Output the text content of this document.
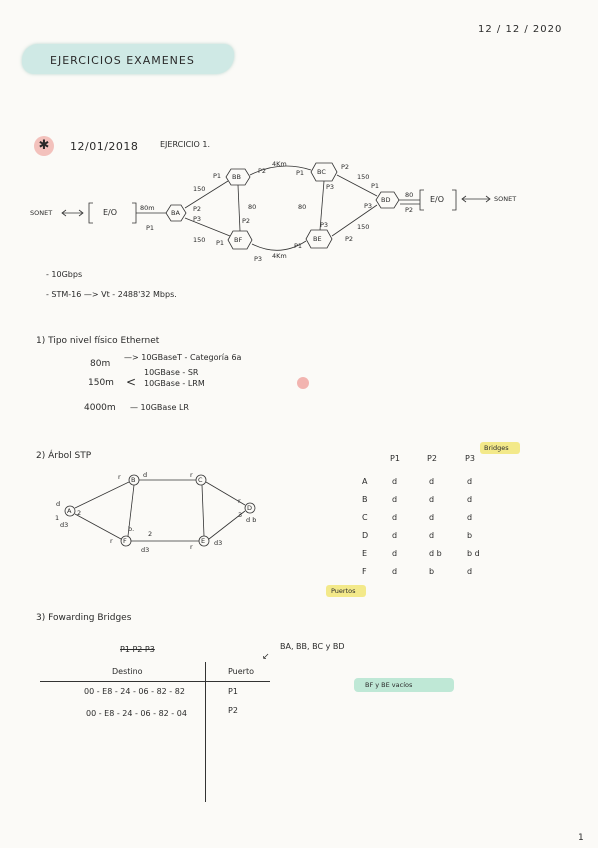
12 / 12 / 2020
EJERCICIOS EXAMENES
✱	12/01/2018	EJERCICIO 1.
SONET	E/O	80m
BA
P1
P2
P3
150
150
BB
P1
P2
P2
4Km
80
BC
P1
P2
P3
80
150
BF
P1
P3 4Km
BE
P1
P2
P3	150
BD
P1
P3
80
P2
E/O	SONET
- 10Gbps
- STM-16 —> Vt - 2488'32 Mbps.
1) Tipo nivel físico Ethernet
80m
—> 10GBaseT - Categoría 6a
150m <
10GBase - SR
10GBase - LRM
4000m — 10GBase LR
2) Árbol STP
A
B	C
D
E
F
d
d
d3
r	r
r
r
r
1
2	3
d b
d3
d3
b.
2
Bridges
P1	P2	P3
A	d	d	d
B	d	d	d
C	d	d	d
D	d	d	b
E	d	d b	b d
F	d	b	d
Puertos
3) Fowarding Bridges
P1 P2 P3
↙
BA, BB, BC y BD
BF y BE vacíos
Destino	Puerto
00 - E8 - 24 - 06 - 82 - 82	P1
00 - E8 - 24 - 06 - 82 - 04	P2
1
